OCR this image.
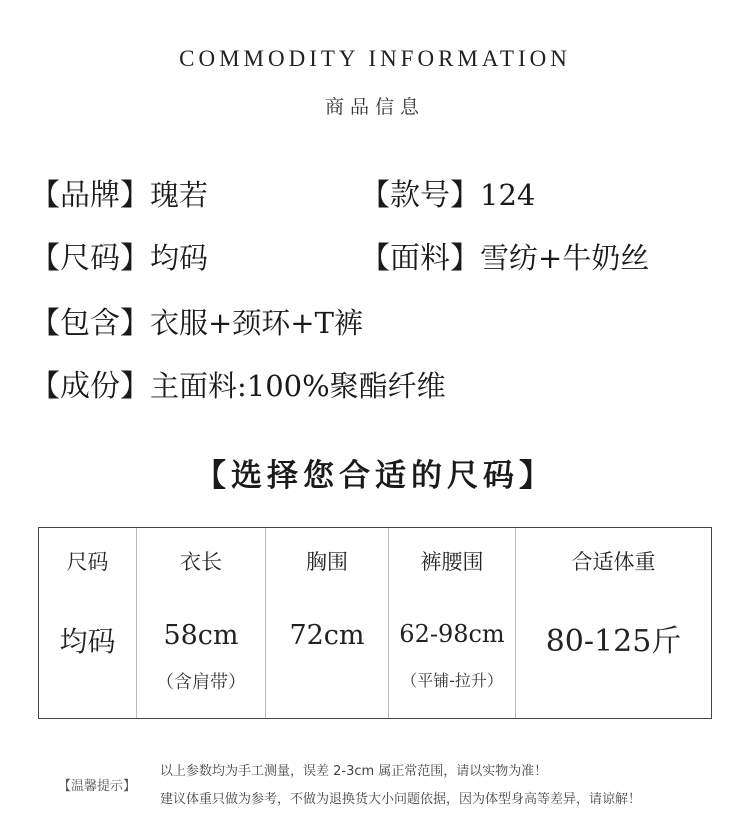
COMMODITY INFORMATION
商品信息
【品牌】瑰若	【款号】124
【尺码】均码	【面料】雪纺+牛奶丝
【包含】衣服+颈环+T裤
【成份】主面料:100%聚酯纤维
【选择您合适的尺码】
尺码
均码
衣长
58cm
（含肩带）
胸围
72cm
裤腰围
62-98cm
（平铺-拉升）
合适体重
80-125斤
【温馨提示】
以上参数均为手工测量，误差 2-3cm 属正常范围，请以实物为准！
建议体重只做为参考，不做为退换货大小问题依据，因为体型身高等差异，请谅解！
